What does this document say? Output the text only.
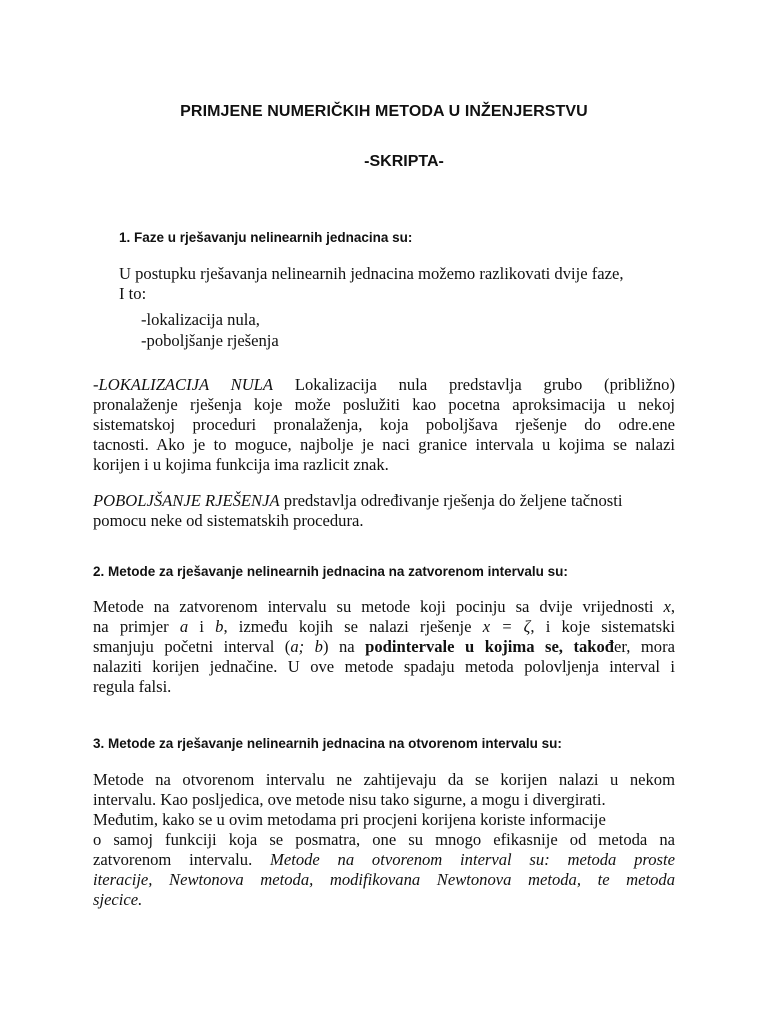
PRIMJENE NUMERIČKIH METODA U INŽENJERSTVU
-SKRIPTA-
1. Faze u rješavanju nelinearnih jednacina su:
U postupku rješavanja nelinearnih jednacina možemo razlikovati dvije faze,
I to:
-lokalizacija nula,
-poboljšanje rješenja
-LOKALIZACIJA NULA Lokalizacija nula predstavlja grubo (približno)
pronalaženje rješenja koje može poslužiti kao pocetna aproksimacija u nekoj
sistematskoj proceduri pronalaženja, koja poboljšava rješenje do odre.ene
tacnosti. Ako je to moguce, najbolje je naci granice intervala u kojima se nalazi
korijen i u kojima funkcija ima razlicit znak.
POBOLJŠANJE RJEŠENJA predstavlja određivanje rješenja do željene tačnosti
pomocu neke od sistematskih procedura.
2. Metode za rješavanje nelinearnih jednacina na zatvorenom intervalu su:
Metode na zatvorenom intervalu su metode koji pocinju sa dvije vrijednosti x,
na primjer a i b, između kojih se nalazi rješenje x = ζ, i koje sistematski
smanjuju početni interval (a; b) na podintervale u kojima se, također, mora
nalaziti korijen jednačine. U ove metode spadaju metoda polovljenja interval i
regula falsi.
3. Metode za rješavanje nelinearnih jednacina na otvorenom intervalu su:
Metode na otvorenom intervalu ne zahtijevaju da se korijen nalazi u nekom
intervalu. Kao posljedica, ove metode nisu tako sigurne, a mogu i divergirati.
Međutim, kako se u ovim metodama pri procjeni korijena koriste informacije
o samoj funkciji koja se posmatra, one su mnogo efikasnije od metoda na
zatvorenom intervalu. Metode na otvorenom interval su: metoda proste
iteracije, Newtonova metoda, modifikovana Newtonova metoda, te metoda
sjecice.
